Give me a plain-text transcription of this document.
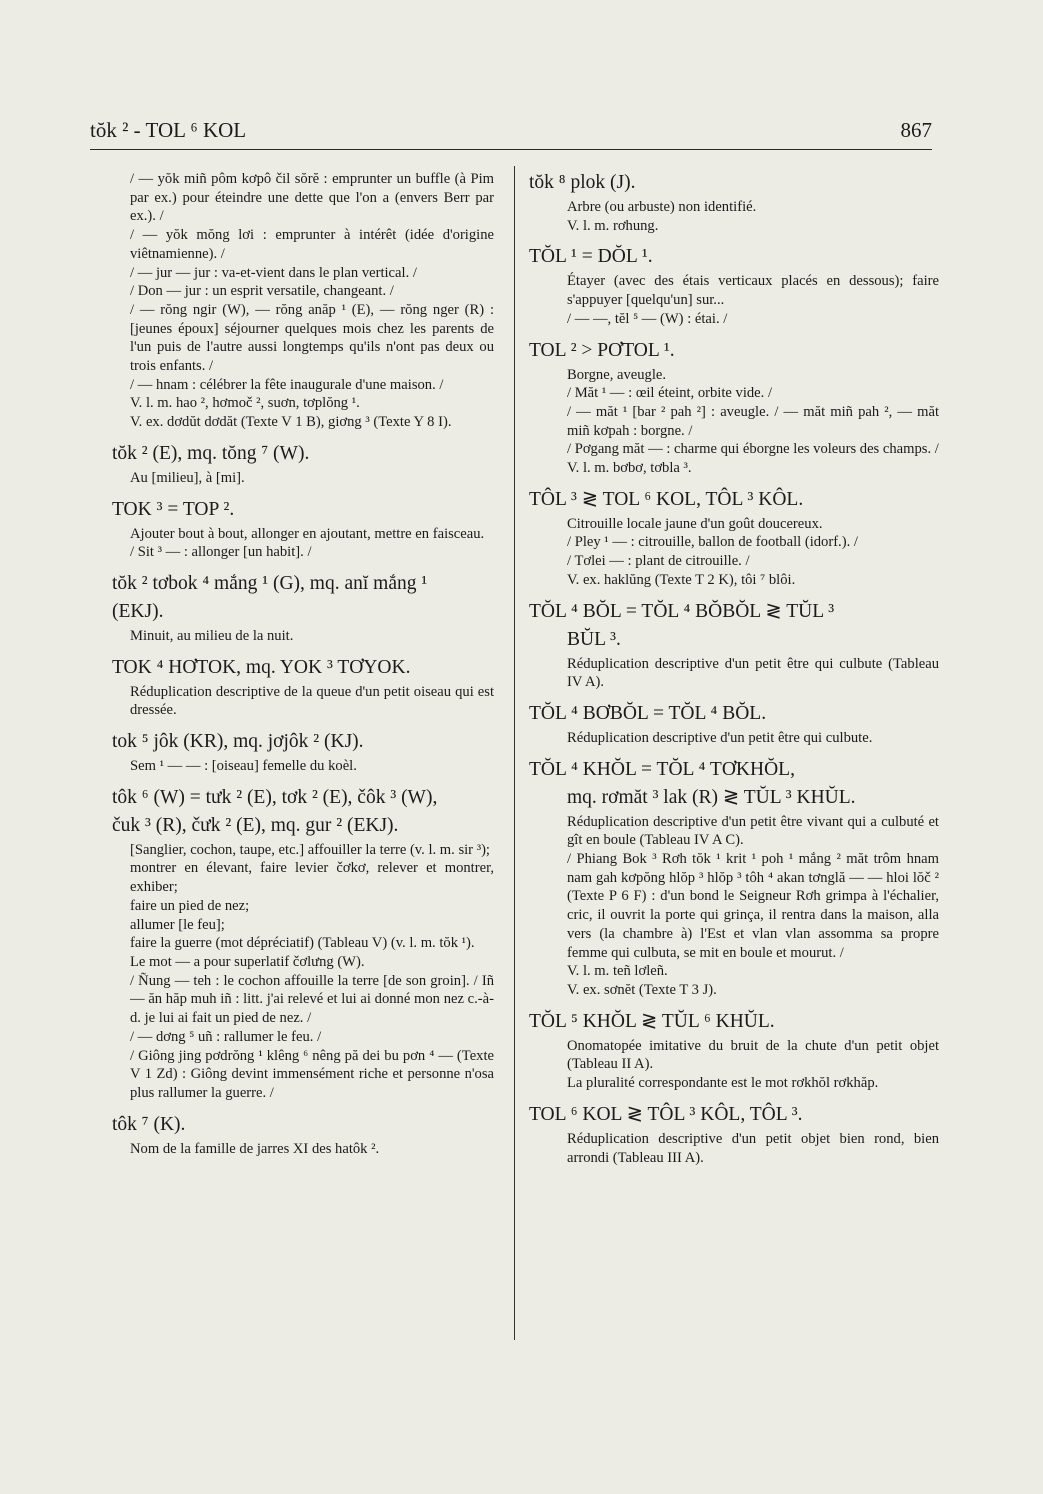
tŏk ² - TOL ⁶ KOL	867

/ — yŏk miñ pôm kơpô čil sŏrĕ : emprunter un buffle (à Pim par ex.) pour éteindre une dette que l'on a (envers Berr par ex.). /

/ — yŏk mŏng lơi : emprunter à intérêt (idée d'origine viêtnamienne). /

/ — jur — jur : va-et-vient dans le plan vertical. /

/ Don — jur : un esprit versatile, changeant. /

/ — rŏng ngir (W), — rŏng anăp ¹ (E), — rŏng nger (R) : [jeunes époux] séjourner quelques mois chez les parents de l'un puis de l'autre aussi longtemps qu'ils n'ont pas deux ou trois enfants. /

/ — hnam : célébrer la fête inaugurale d'une maison. /

V. l. m. hao ², hơmoč ², suơn, tơplŏng ¹.

V. ex. dơdŭt dơdăt (Texte V 1 B), giơng ³ (Texte Y 8 I).

tŏk ² (E), mq. tŏng ⁷ (W).

Au [milieu], à [mi].

TOK ³ = TOP ².

Ajouter bout à bout, allonger en ajoutant, mettre en faisceau.

/ Sit ³ — : allonger [un habit]. /

tŏk ² tơbok ⁴ mắng ¹ (G), mq. anĭ mắng ¹
(EKJ).

Minuit, au milieu de la nuit.

TOK ⁴ HƠTOK, mq. YOK ³ TƠYOK.

Réduplication descriptive de la queue d'un petit oiseau qui est dressée.

tok ⁵ jôk (KR), mq. jơjôk ² (KJ).

Sem ¹ — — : [oiseau] femelle du koèl.

tôk ⁶ (W) = tưk ² (E), tơk ² (E), čôk ³ (W),
čuk ³ (R), čưk ² (E), mq. gur ² (EKJ).

[Sanglier, cochon, taupe, etc.] affouiller la terre (v. l. m. sir ³);

montrer en élevant, faire levier čơkơ, relever et montrer, exhiber;

faire un pied de nez;

allumer [le feu];

faire la guerre (mot dépréciatif) (Tableau V) (v. l. m. tŏk ¹).

Le mot — a pour superlatif čơlưng (W).

/ Ñung — teh : le cochon affouille la terre [de son groin]. / Iñ — ăn hăp muh iñ : litt. j'ai relevé et lui ai donné mon nez c.-à-d. je lui ai fait un pied de nez. /

/ — dơng ⁵ uñ : rallumer le feu. /

/ Giông jing pơdrŏng ¹ klêng ⁶ nêng pă dei bu pơn ⁴ — (Texte V 1 Zd) : Giông devint immensément riche et personne n'osa plus rallumer la guerre. /

tôk ⁷ (K).

Nom de la famille de jarres XI des hatôk ².

tŏk ⁸ plok (J).

Arbre (ou arbuste) non identifié.

V. l. m. rơhung.

TŎL ¹ = DŎL ¹.

Étayer (avec des étais verticaux placés en dessous); faire s'appuyer [quelqu'un] sur...

/ — —, tĕl ⁵ — (W) : étai. /

TOL ² > PƠTOL ¹.

Borgne, aveugle.

/ Măt ¹ — : œil éteint, orbite vide. /

/ — măt ¹ [bar ² pah ²] : aveugle. / — măt miñ pah ², — măt miñ kơpah : borgne. /

/ Pơgang măt — : charme qui éborgne les voleurs des champs. /

V. l. m. bơbơ, tơbla ³.

TÔL ³ ≷ TOL ⁶ KOL, TÔL ³ KÔL.

Citrouille locale jaune d'un goût doucereux.

/ Pley ¹ — : citrouille, ballon de football (idorf.). /

/ Tơlei — : plant de citrouille. /

V. ex. haklŭng (Texte T 2 K), tôi ⁷ blôi.

TŎL ⁴ BŎL = TŎL ⁴ BŎBŎL ≷ TŬL ³
BŬL ³.

Réduplication descriptive d'un petit être qui culbute (Tableau IV A).

TŎL ⁴ BƠBŎL = TŎL ⁴ BŎL.

Réduplication descriptive d'un petit être qui culbute.

TŎL ⁴ KHŎL = TŎL ⁴ TƠKHŎL,
mq. rơmăt ³ lak (R) ≷ TŬL ³ KHŬL.

Réduplication descriptive d'un petit être vivant qui a culbuté et gît en boule (Tableau IV A C).

/ Phiang Bok ³ Rơh tŏk ¹ krit ¹ poh ¹ mắng ² măt trôm hnam nam gah kơpŏng hlŏp ³ hlŏp ³ tôh ⁴ akan tơnglă — — hloi lŏč ² (Texte P 6 F) : d'un bond le Seigneur Rơh grimpa à l'échalier, cric, il ouvrit la porte qui grinça, il rentra dans la maison, alla vers (la chambre à) l'Est et vlan vlan assomma sa propre femme qui culbuta, se mit en boule et mourut. /

V. l. m. teñ lơleñ.

V. ex. sơnĕt (Texte T 3 J).

TŎL ⁵ KHŎL ≷ TŬL ⁶ KHŬL.

Onomatopée imitative du bruit de la chute d'un petit objet (Tableau II A).

La pluralité correspondante est le mot rơkhŏl rơkhăp.

TOL ⁶ KOL ≷ TÔL ³ KÔL, TÔL ³.

Réduplication descriptive d'un petit objet bien rond, bien arrondi (Tableau III A).
